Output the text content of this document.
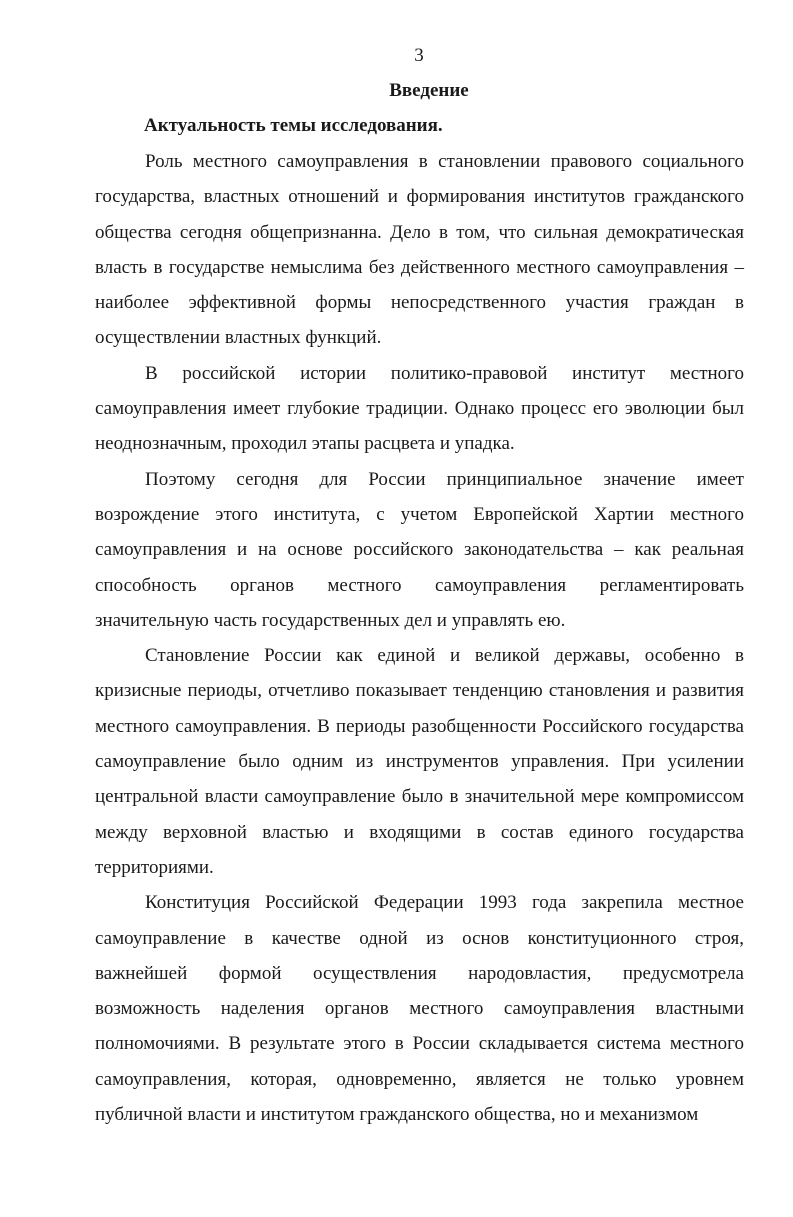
3
Введение
Актуальность темы исследования.

Роль местного самоуправления в становлении правового социального государства, властных отношений и формирования институтов гражданского общества сегодня общепризнанна. Дело в том, что сильная демократическая власть в государстве немыслима без действенного местного самоуправления – наиболее эффективной формы непосредственного участия граждан в осуществлении властных функций.

В российской истории политико-правовой институт местного самоуправления имеет глубокие традиции. Однако процесс его эволюции был неоднозначным, проходил этапы расцвета и упадка.

Поэтому сегодня для России принципиальное значение имеет возрождение этого института, с учетом Европейской Хартии местного самоуправления и на основе российского законодательства – как реальная способность органов местного самоуправления регламентировать значительную часть государственных дел и управлять ею.

Становление России как единой и великой державы, особенно в кризисные периоды, отчетливо показывает тенденцию становления и развития местного самоуправления. В периоды разобщенности Российского государства самоуправление было одним из инструментов управления. При усилении центральной власти самоуправление было в значительной мере компромиссом между верховной властью и входящими в состав единого государства территориями.

Конституция Российской Федерации 1993 года закрепила местное самоуправление в качестве одной из основ конституционного строя, важнейшей формой осуществления народовластия, предусмотрела возможность наделения органов местного самоуправления властными полномочиями. В результате этого в России складывается система местного самоуправления, которая, одновременно, является не только уровнем публичной власти и институтом гражданского общества, но и механизмом
